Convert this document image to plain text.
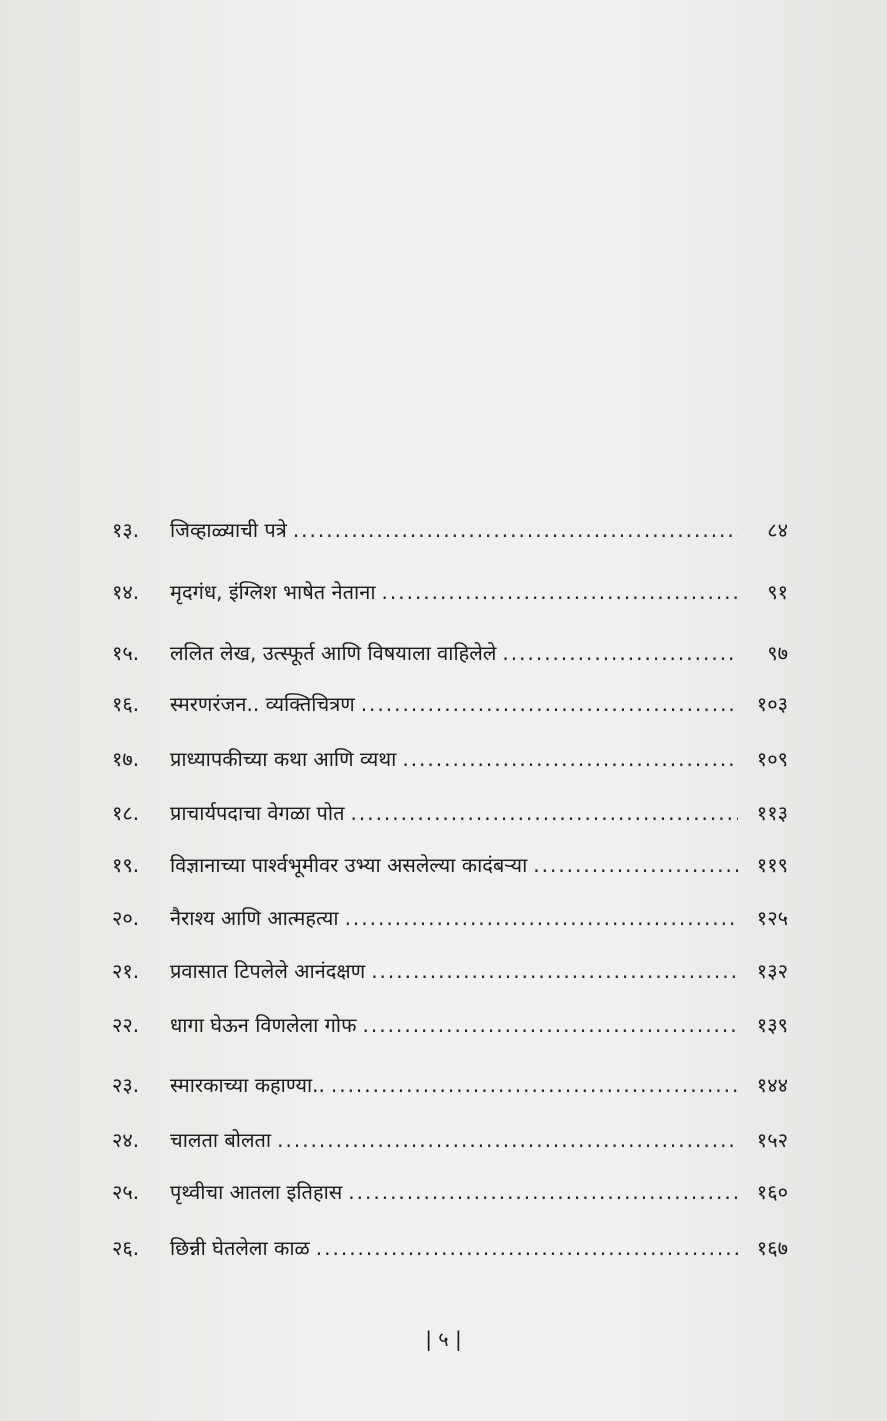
१३.	जिव्हाळ्याची पत्रे .....	८४
१४.	मृदगंध, इंग्लिश भाषेत नेताना .....	९१
१५.	ललित लेख, उत्स्फूर्त आणि विषयाला वाहिलेले .....	९७
१६.	स्मरणरंजन.. व्यक्तिचित्रण .....	१०३
१७.	प्राध्यापकीच्या कथा आणि व्यथा .....	१०९
१८.	प्राचार्यपदाचा वेगळा पोत .....	११३
१९.	विज्ञानाच्या पार्श्वभूमीवर उभ्या असलेल्या कादंबऱ्या .....	११९
२०.	नैराश्य आणि आत्महत्या .....	१२५
२१.	प्रवासात टिपलेले आनंदक्षण .....	१३२
२२.	धागा घेऊन विणलेला गोफ .....	१३९
२३.	स्मारकाच्या कहाण्या.. .....	१४४
२४.	चालता बोलता .....	१५२
२५.	पृथ्वीचा आतला इतिहास .....	१६०
२६.	छिन्नी घेतलेला काळ .....	१६७
| ५ |
